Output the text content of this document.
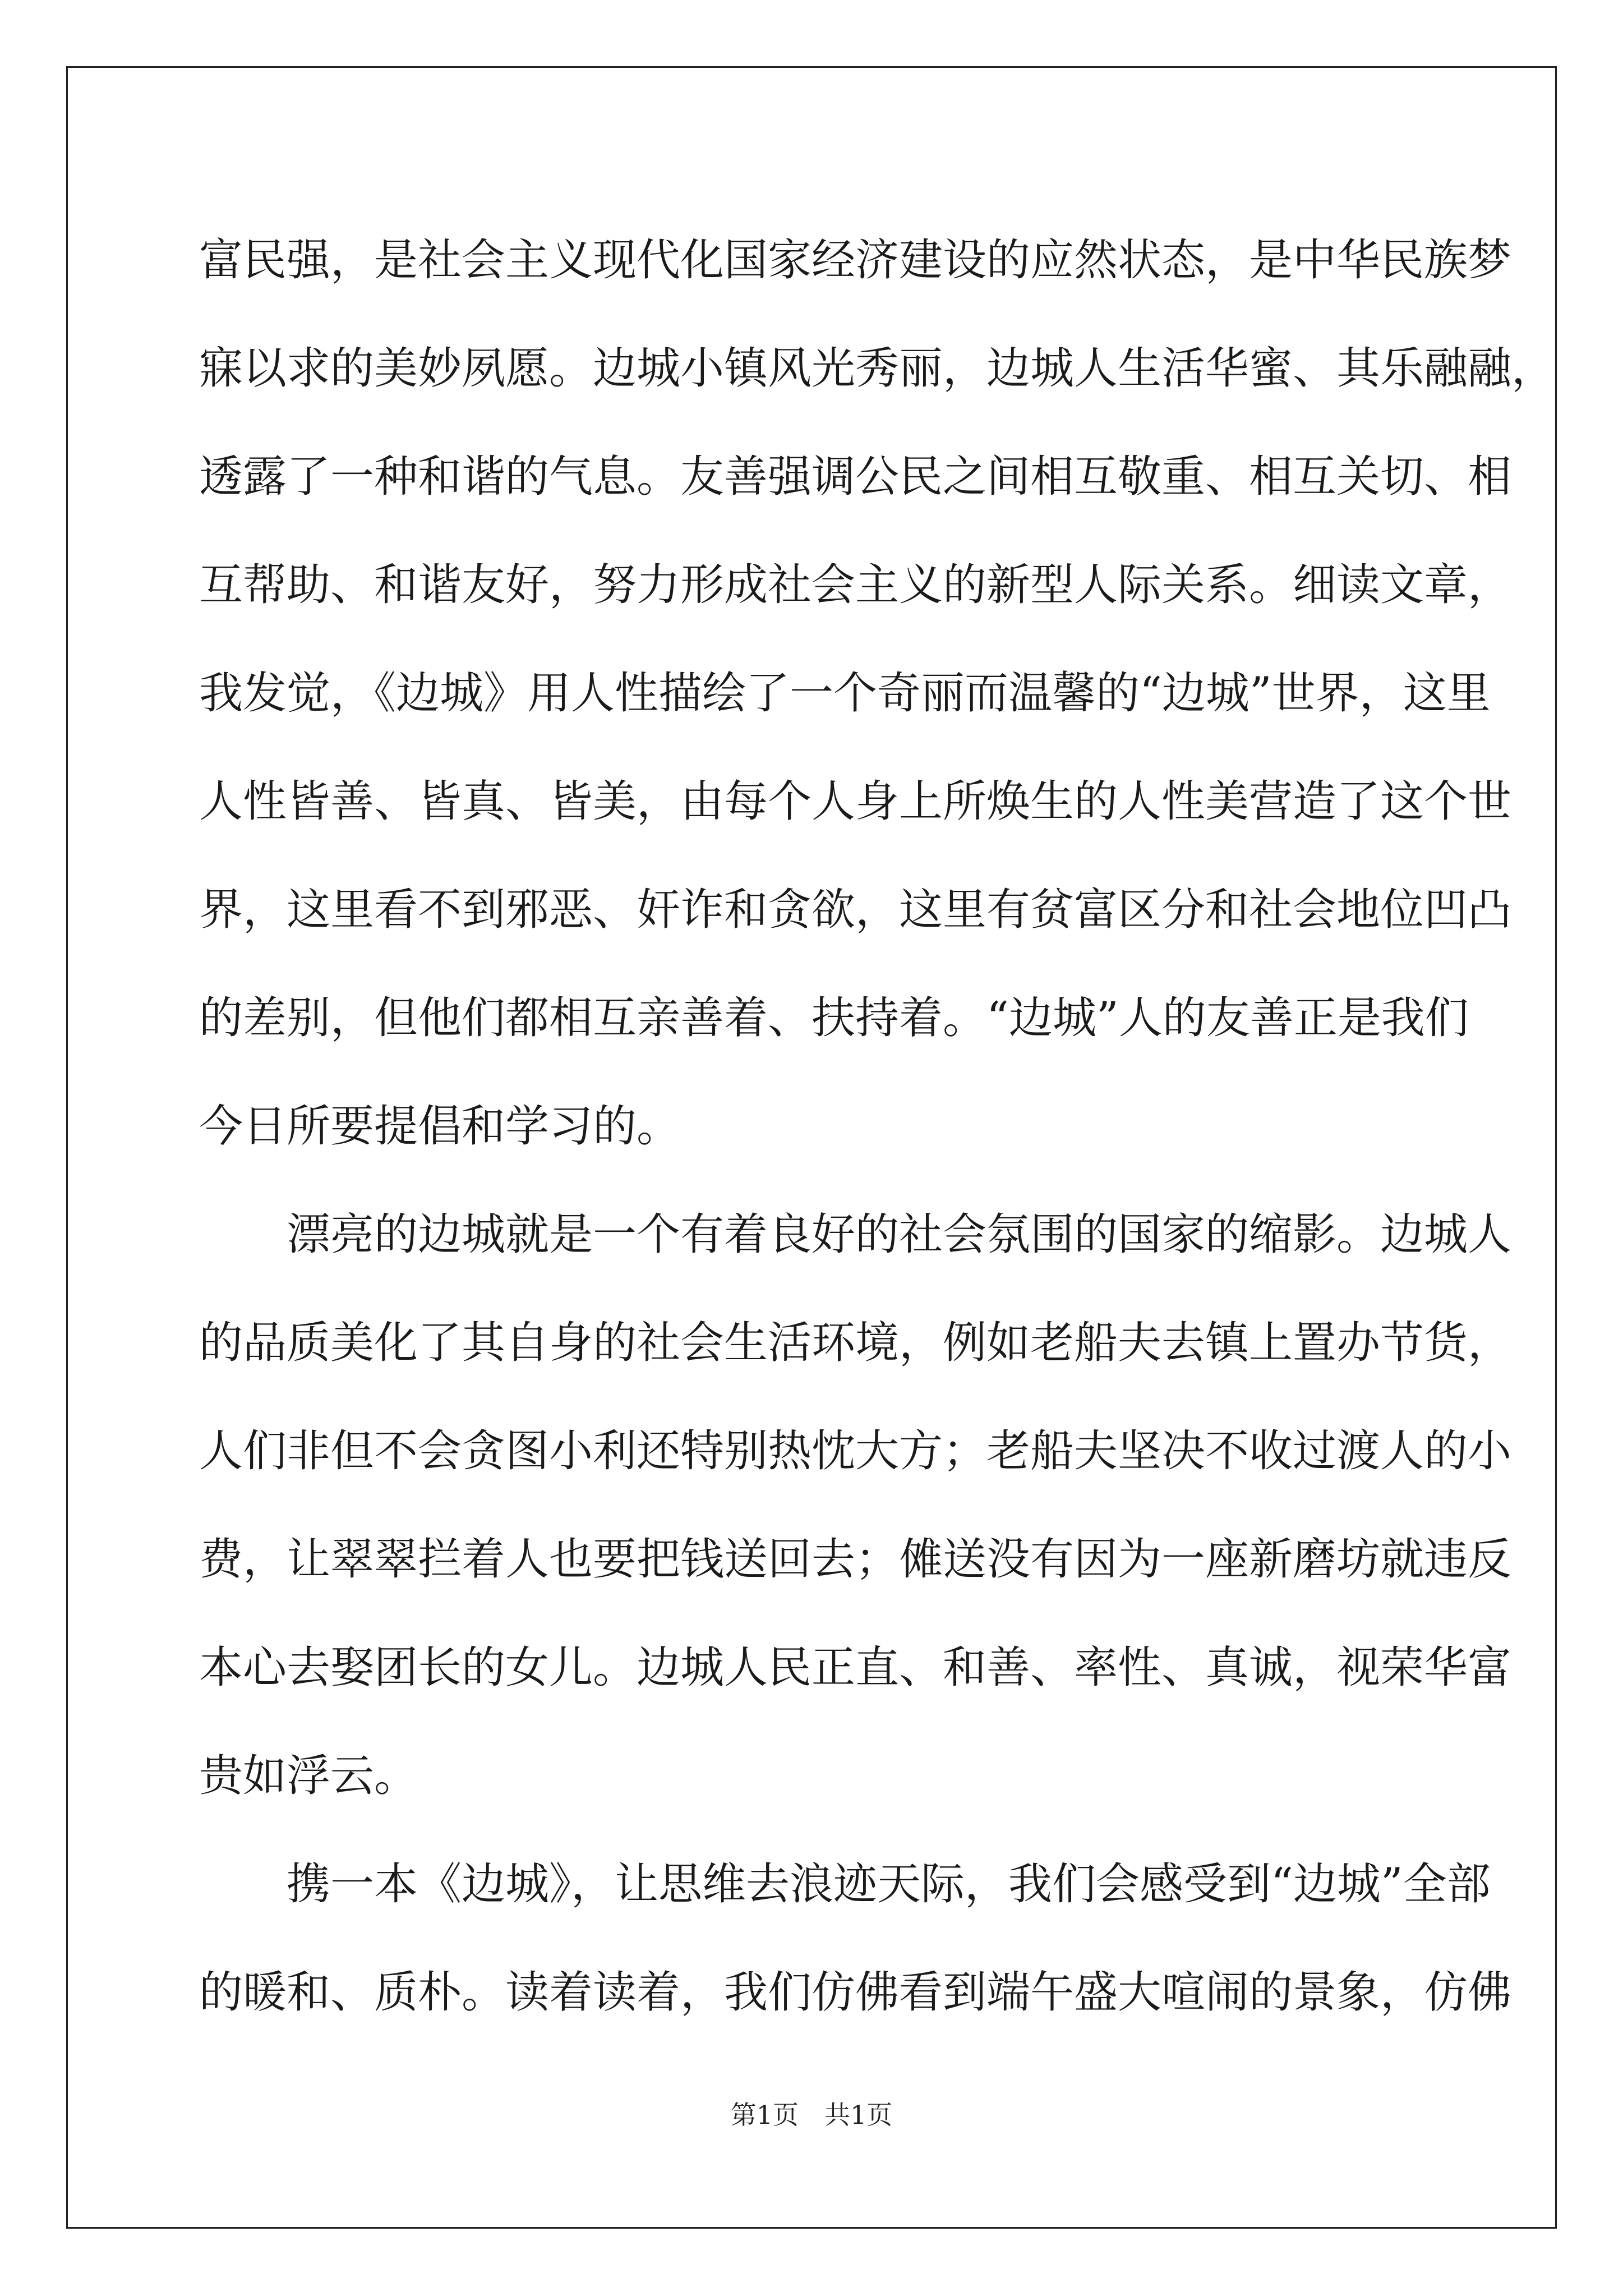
富民强，是社会主义现代化国家经济建设的应然状态，是中华民族梦
寐以求的美妙夙愿。边城小镇风光秀丽，边城人生活华蜜、其乐融融，
透露了一种和谐的气息。友善强调公民之间相互敬重、相互关切、相
互帮助、和谐友好，努力形成社会主义的新型人际关系。细读文章，
我发觉，《边城》用人性描绘了一个奇丽而温馨的“边城”世界，这里
人性皆善、皆真、皆美，由每个人身上所焕生的人性美营造了这个世
界，这里看不到邪恶、奸诈和贪欲，这里有贫富区分和社会地位凹凸
的差别，但他们都相互亲善着、扶持着。“边城”人的友善正是我们
今日所要提倡和学习的。
漂亮的边城就是一个有着良好的社会氛围的国家的缩影。边城人
的品质美化了其自身的社会生活环境，例如老船夫去镇上置办节货，
人们非但不会贪图小利还特别热忱大方；老船夫坚决不收过渡人的小
费，让翠翠拦着人也要把钱送回去；傩送没有因为一座新磨坊就违反
本心去娶团长的女儿。边城人民正直、和善、率性、真诚，视荣华富
贵如浮云。
携一本《边城》，让思维去浪迹天际，我们会感受到“边城”全部
的暖和、质朴。读着读着，我们仿佛看到端午盛大喧闹的景象，仿佛
第1页 共1页
